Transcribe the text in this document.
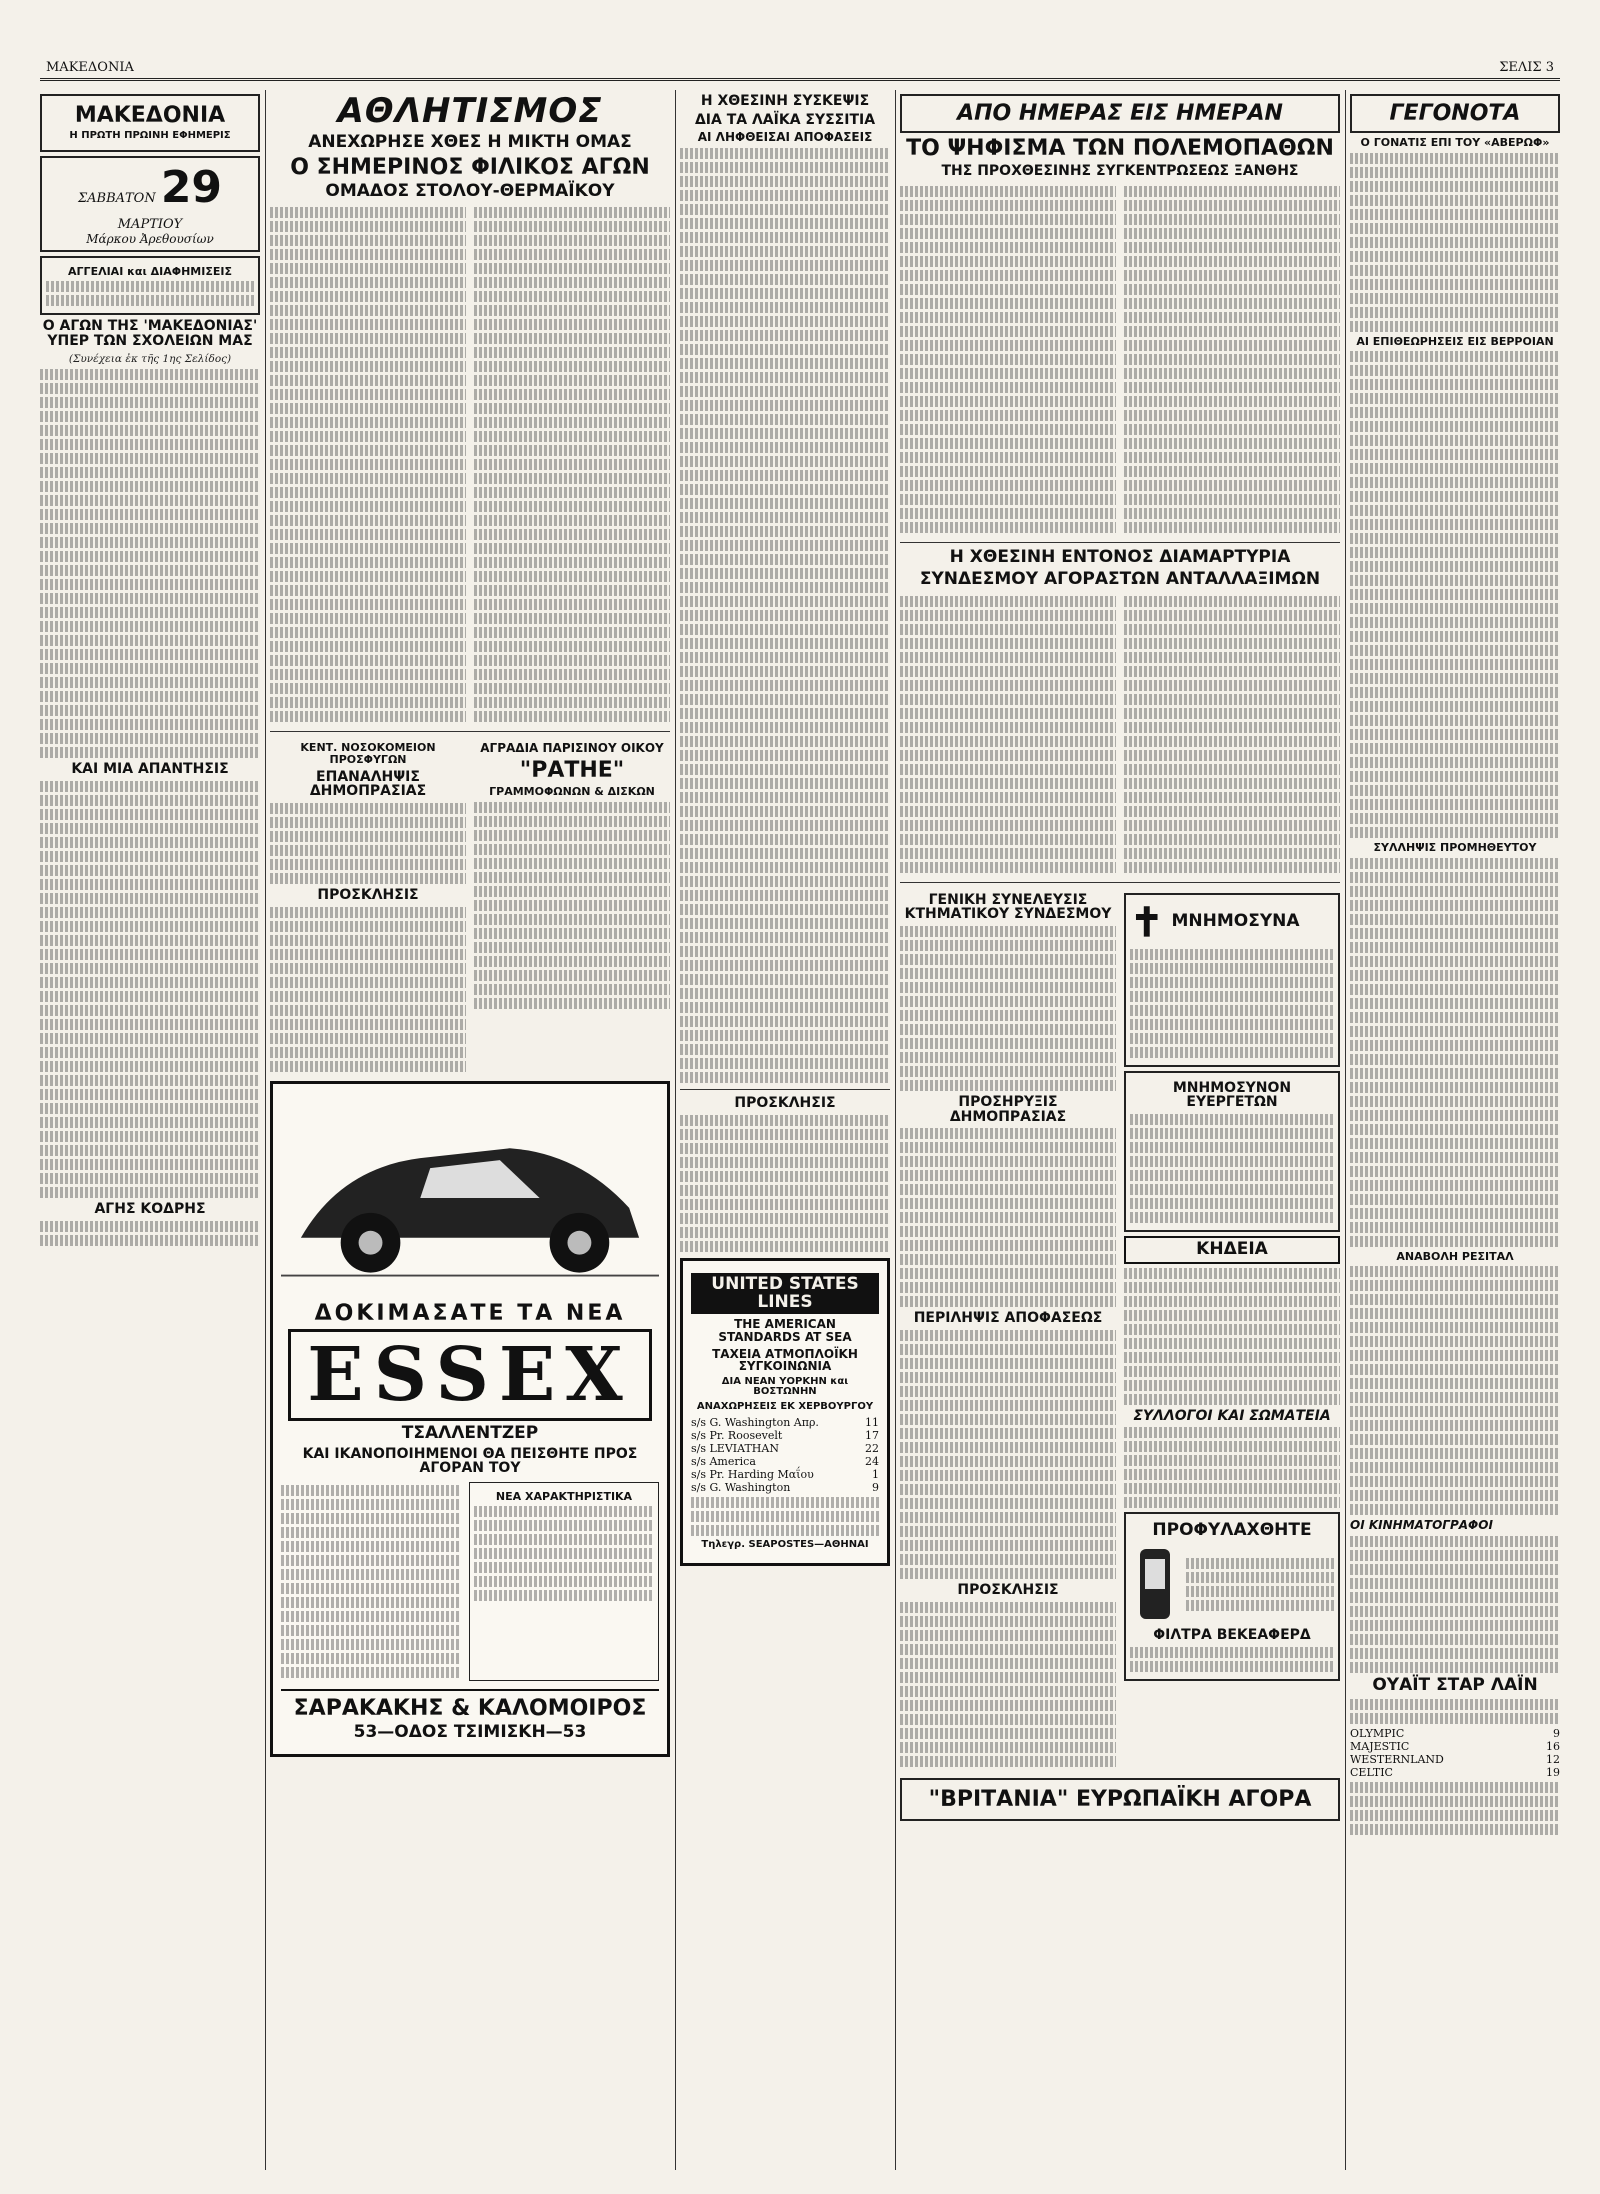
ΜΑΚΕΔΟΝΙΑ	ΣΕΛΙΣ 3
ΜΑΚΕΔΟΝΙΑ
Η ΠΡΩΤΗ ΠΡΩΙΝΗ ΕΦΗΜΕΡΙΣ
ΣΑΒΒΑΤΟΝ 29 ΜΑΡΤΙΟΥ
Μάρκου Ἀρεθουσίων
ΑΓΓΕΛΙΑΙ και ΔΙΑΦΗΜΙΣΕΙΣ
Ο ΑΓΩΝ ΤΗΣ 'ΜΑΚΕΔΟΝΙΑΣ' ΥΠΕΡ ΤΩΝ ΣΧΟΛΕΙΩΝ ΜΑΣ
(Συνέχεια ἐκ τῆς 1ης Σελίδος)
ΚΑΙ ΜΙΑ ΑΠΑΝΤΗΣΙΣ
ΑΓΗΣ ΚΟΔΡΗΣ
ΑΘΛΗΤΙΣΜΟΣ
ΑΝΕΧΩΡΗΣΕ ΧΘΕΣ Η ΜΙΚΤΗ ΟΜΑΣ
Ο ΣΗΜΕΡΙΝΟΣ ΦΙΛΙΚΟΣ ΑΓΩΝ
ΟΜΑΔΟΣ ΣΤΟΛΟΥ-ΘΕΡΜΑΪΚΟΥ
ΚΕΝΤ. ΝΟΣΟΚΟΜΕΙΟΝ ΠΡΟΣΦΥΓΩΝ
ΕΠΑΝΑΛΗΨΙΣ ΔΗΜΟΠΡΑΣΙΑΣ
ΠΡΟΣΚΛΗΣΙΣ
ΑΓΡΑΔΙΑ ΠΑΡΙΣΙΝΟΥ ΟΙΚΟΥ
"ΡΑΤΗΕ"
ΓΡΑΜΜΟΦΩΝΩΝ & ΔΙΣΚΩΝ
ΔΟΚΙΜΑΣΑΤΕ ΤΑ ΝΕΑ
ESSEX
ΤΣΑΛΛΕΝΤΖΕΡ
ΚΑΙ ΙΚΑΝΟΠΟΙΗΜΕΝΟΙ ΘΑ ΠΕΙΣΘΗΤΕ ΠΡΟΣ ΑΓΟΡΑΝ ΤΟΥ
ΝΕΑ ΧΑΡΑΚΤΗΡΙΣΤΙΚΑ
ΣΑΡΑΚΑΚΗΣ & ΚΑΛΟΜΟΙΡΟΣ
53—ΟΔΟΣ ΤΣΙΜΙΣΚΗ—53
Η ΧΘΕΣΙΝΗ ΣΥΣΚΕΨΙΣ
ΔΙΑ ΤΑ ΛΑΪΚΑ ΣΥΣΣΙΤΙΑ
ΑΙ ΛΗΦΘΕΙΣΑΙ ΑΠΟΦΑΣΕΙΣ
ΠΡΟΣΚΛΗΣΙΣ
UNITED STATES LINES
THE AMERICAN STANDARDS AT SEA
ΤΑΧΕΙΑ ΑΤΜΟΠΛΟΪΚΗ ΣΥΓΚΟΙΝΩΝΙΑ
ΔΙΑ ΝΕΑΝ ΥΟΡΚΗΝ και ΒΟΣΤΩΝΗΝ
ΑΝΑΧΩΡΗΣΕΙΣ ΕΚ ΧΕΡΒΟΥΡΓΟΥ
s/s G. Washington Απρ.	11
s/s Pr. Roosevelt	17
s/s LEVIATHAN	22
s/s America	24
s/s Pr. Harding Μαΐου	1
s/s G. Washington	9
Τηλεγρ. SEAPOSTES—ΑΘΗΝΑΙ
ΑΠΟ ΗΜΕΡΑΣ ΕΙΣ ΗΜΕΡΑΝ
ΤΟ ΨΗΦΙΣΜΑ ΤΩΝ ΠΟΛΕΜΟΠΑΘΩΝ
ΤΗΣ ΠΡΟΧΘΕΣΙΝΗΣ ΣΥΓΚΕΝΤΡΩΣΕΩΣ ΞΑΝΘΗΣ
Η ΧΘΕΣΙΝΗ ΕΝΤΟΝΟΣ ΔΙΑΜΑΡΤΥΡΙΑ
ΣΥΝΔΕΣΜΟΥ ΑΓΟΡΑΣΤΩΝ ΑΝΤΑΛΛΑΞΙΜΩΝ
ΓΕΝΙΚΗ ΣΥΝΕΛΕΥΣΙΣ ΚΤΗΜΑΤΙΚΟΥ ΣΥΝΔΕΣΜΟΥ
ΠΡΟΣΗΡΥΞΙΣ ΔΗΜΟΠΡΑΣΙΑΣ
ΠΕΡΙΛΗΨΙΣ ΑΠΟΦΑΣΕΩΣ
ΠΡΟΣΚΛΗΣΙΣ
✝ ΜΝΗΜΟΣΥΝΑ
ΜΝΗΜΟΣΥΝΟΝ ΕΥΕΡΓΕΤΩΝ
ΚΗΔΕΙΑ
ΣΥΛΛΟΓΟΙ ΚΑΙ ΣΩΜΑΤΕΙΑ
ΠΡΟΦΥΛΑΧΘΗΤΕ
ΦΙΛΤΡΑ ΒΕΚΕΑΦΕΡΔ
"ΒΡΙΤΑΝΙΑ" ΕΥΡΩΠΑΪΚΗ ΑΓΟΡΑ
ΓΕΓΟΝΟΤΑ
Ο ΓΟΝΑΤΙΣ ΕΠΙ ΤΟΥ «ΑΒΕΡΩΦ»
ΑΙ ΕΠΙΘΕΩΡΗΣΕΙΣ ΕΙΣ ΒΕΡΡΟΙΑΝ
ΣΥΛΛΗΨΙΣ ΠΡΟΜΗΘΕΥΤΟΥ
ΑΝΑΒΟΛΗ ΡΕΣΙΤΑΛ
ΟΙ ΚΙΝΗΜΑΤΟΓΡΑΦΟΙ
ΟΥΑΪΤ ΣΤΑΡ ΛΑΪΝ
OLYMPIC	9
MAJESTIC	16
WESTERNLAND	12
CELTIC	19
